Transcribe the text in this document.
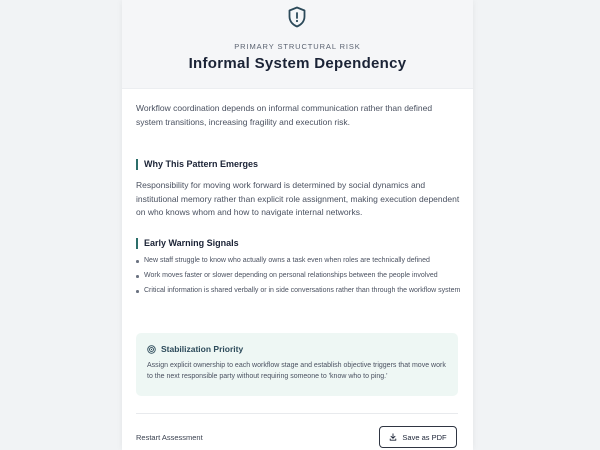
PRIMARY STRUCTURAL RISK
Informal System Dependency
Workflow coordination depends on informal communication rather than defined system transitions, increasing fragility and execution risk.
Why This Pattern Emerges
Responsibility for moving work forward is determined by social dynamics and institutional memory rather than explicit role assignment, making execution dependent on who knows whom and how to navigate internal networks.
Early Warning Signals
New staff struggle to know who actually owns a task even when roles are technically defined
Work moves faster or slower depending on personal relationships between the people involved
Critical information is shared verbally or in side conversations rather than through the workflow system
Stabilization Priority
Assign explicit ownership to each workflow stage and establish objective triggers that move work to the next responsible party without requiring someone to 'know who to ping.'
Restart Assessment	Save as PDF
